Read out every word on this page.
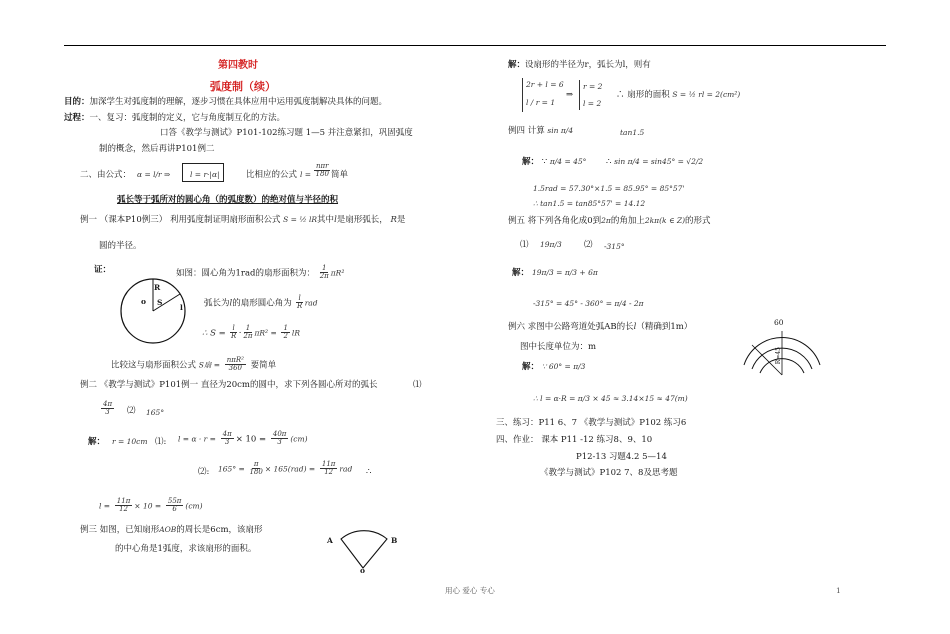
第四教时
弧度制（续）
目的：加深学生对弧度制的理解，逐步习惯在具体应用中运用弧度制解决具体的问题。
过程：一、复习：弧度制的定义，它与角度制互化的方法。
口答《教学与测试》P101-102练习题 1—5 并注意紧扣，巩固弧度
制的概念，然后再讲P101例二
二、由公式： α = l/r ⇒	l = r·|α|	比相应的公式 $l = \frac{\text{nπr}}{180}$ 简单
弧长等于弧所对的圆心角（的弧度数）的绝对值与半径的积
例一 （课本P10例三） 利用弧度制证明扇形面积公式 S = ½ lR其中l是扇形弧长， R是
圆的半径。
证：	如图：圆心角为1rad的扇形面积为： $\frac{1}{2\pi} \pi R^2$
弧长为l的扇形圆心角为 $\frac{l}{R}$ rad
∴ $S = \frac{l}{R} \cdot \frac{1}{2\pi} \pi R^2 = \frac{1}{2}$ lR
比较这与扇形面积公式 S扇 = $\frac{\text{nπR²}}{360}$ 要简单
R
o S
l
例二 《教学与测试》P101例一 直径为20cm的圆中，求下列各圆心所对的弧长	⑴
$\frac{4\pi}{3}$ ⑵ 165°
解： r = 10cm ⑴: $l = \alpha \cdot r = \frac{4\pi}{3} \times 10 = \frac{40\pi}{3} (cm)$
⑵: $165^\circ = \frac{\pi}{180} \times 165(rad) = \frac{11\pi}{12}$ rad ∴
$l = \frac{11\pi}{12} \times 10 = \frac{55\pi}{6} (cm)$
例三 如图，已知扇形AOB的周长是6cm，该扇形
的中心角是1弧度，求该扇形的面积。
A	B
o
解：设扇形的半径为r，弧长为l，则有
2r + l = 6
l / r = 1
⇒
r = 2
l = 2
∴ 扇形的面积 S = ½ rl = 2(cm²)
例四 计算 sin π/4	tan1.5
解： ∵ π/4 = 45° ∴ sin π/4 = sin45° = √2/2
1.5rad = 57.30°×1.5 = 85.95° = 85°57'
∴ tan1.5 = tan85°57' = 14.12
例五 将下列各角化成0到2π的角加上2kπ(k ∈ Z)的形式
⑴ 19π/3	⑵ -315°
解： 19π/3 = π/3 + 6π
-315° = 45° - 360° = π/4 - 2π
例六 求图中公路弯道处弧AB的长l（精确到1m）
图中长度单位为：m
解： ∵ 60° = π/3
∴ l = α·R = π/3 × 45 ≈ 3.14×15 ≈ 47(m)
60
R=45
三、练习：P11 6、7 《教学与测试》P102 练习6
四、作业： 课本 P11 -12 练习8、9、10
P12-13 习题4.2 5—14
《教学与测试》P102 7、8及思考题
用心 爱心 专心	1
